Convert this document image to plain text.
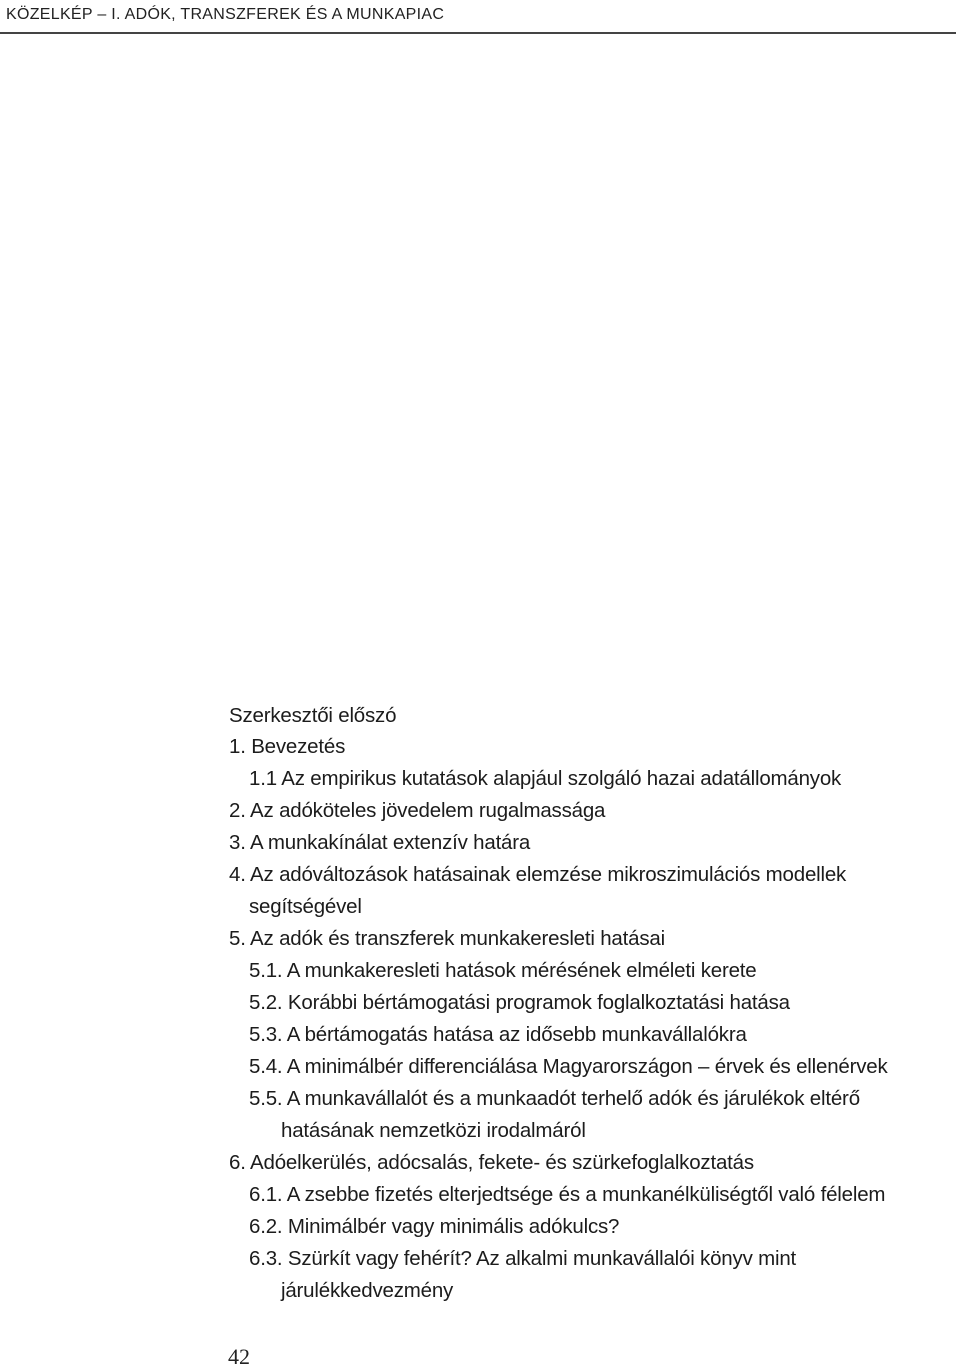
KÖZELKÉP – I. ADÓK, TRANSZFEREK ÉS A MUNKAPIAC
Szerkesztői előszó
1. Bevezetés
1.1 Az empirikus kutatások alapjául szolgáló hazai adatállományok
2. Az adóköteles jövedelem rugalmassága
3. A munkakínálat extenzív határa
4. Az adóváltozások hatásainak elemzése mikroszimulációs modellek
segítségével
5. Az adók és transzferek munkakeresleti hatásai
5.1. A munkakeresleti hatások mérésének elméleti kerete
5.2. Korábbi bértámogatási programok foglalkoztatási hatása
5.3. A bértámogatás hatása az idősebb munkavállalókra
5.4. A minimálbér differenciálása Magyarországon – érvek és ellenérvek
5.5. A munkavállalót és a munkaadót terhelő adók és járulékok eltérő
hatásának nemzetközi irodalmáról
6. Adóelkerülés, adócsalás, fekete- és szürkefoglalkoztatás
6.1. A zsebbe fizetés elterjedtsége és a munkanélküliségtől való félelem
6.2. Minimálbér vagy minimális adókulcs?
6.3. Szürkít vagy fehérít? Az alkalmi munkavállalói könyv mint
járulékkedvezmény
42
